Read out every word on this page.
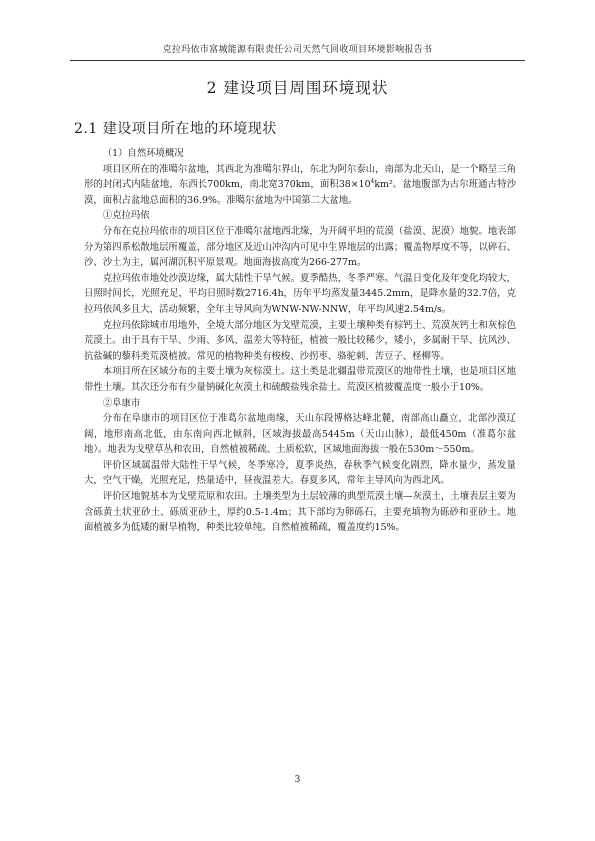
克拉玛依市富城能源有限责任公司天然气回收项目环境影响报告书
2 建设项目周围环境现状
2.1 建设项目所在地的环境现状

（1）自然环境概况

项目区所在的准噶尔盆地，其西北为准噶尔界山，东北为阿尔泰山，南部为北天山，是一个略呈三角形的封闭式内陆盆地，东西长700km，南北宽370km，面积$38\times 10^4km^2$。盆地腹部为古尔班通古特沙漠，面积占盆地总面积的36.9%。准噶尔盆地为中国第二大盆地。

①克拉玛依

分布在克拉玛依市的项目区位于准噶尔盆地西北缘，为开阔平坦的荒漠（盐漠、泥漠）地貌。地表部分为第四系松散地层所覆盖，部分地区及近山冲沟内可见中生界地层的出露；覆盖物厚度不等，以碎石、沙、沙土为主，属河湖沉积平原景观。地面海拔高度为266-277m。

克拉玛依市地处沙漠边缘，属大陆性干旱气候。夏季酷热，冬季严寒。气温日变化及年变化均较大，日照时间长，光照充足，平均日照时数2716.4h，历年平均蒸发量3445.2mm，是降水量的32.7倍，克拉玛依风多且大，活动频繁，全年主导风向为WNW-NW-NNW，年平均风速2.54m/s。

克拉玛依除城市用地外，全境大部分地区为戈壁荒漠，主要土壤种类有棕钙土、荒漠灰钙土和灰棕色荒漠土。由于具有干旱、少雨、多风、温差大等特征，植被一般比较稀少，矮小，多属耐干旱、抗风沙、抗盐碱的藜科类荒漠植被。常见的植物种类有梭梭、沙拐枣、骆驼刺、苦豆子、柽柳等。

本项目所在区域分布的主要土壤为灰棕漠土。这土类是北疆温带荒漠区的地带性土壤，也是项目区地带性土壤。其次还分布有少量钠碱化灰漠土和硫酸盐残余盐土。荒漠区植被覆盖度一般小于10%。

②阜康市

分布在阜康市的项目区位于准葛尔盆地南缘，天山东段博格达峰北麓，南部高山矗立，北部沙漠辽阔，地形南高北低，由东南向西北倾斜，区域海拔最高5445m（天山山脉），最低450m（准葛尔盆地）。地表为戈壁草丛和农田，自然植被稀疏、土质松软，区域地面海拔一般在530m～550m。

评价区域属温带大陆性干旱气候，冬季寒冷，夏季炎热，春秋季气候变化剧烈，降水量少，蒸发量大，空气干燥，光照充足，热量适中，昼夜温差大。春夏多风，常年主导风向为西北风。

评价区地貌基本为戈壁荒原和农田。土壤类型为土层较薄的典型荒漠土壤—灰漠土，土壤表层主要为含砾黄土状亚砂土、砾质亚砂土，厚约0.5-1.4m；其下部均为卵砾石，主要充填物为砾砂和亚砂土。地面植被多为低矮的耐旱植物，种类比较单纯。自然植被稀疏，覆盖度约15%。

3
